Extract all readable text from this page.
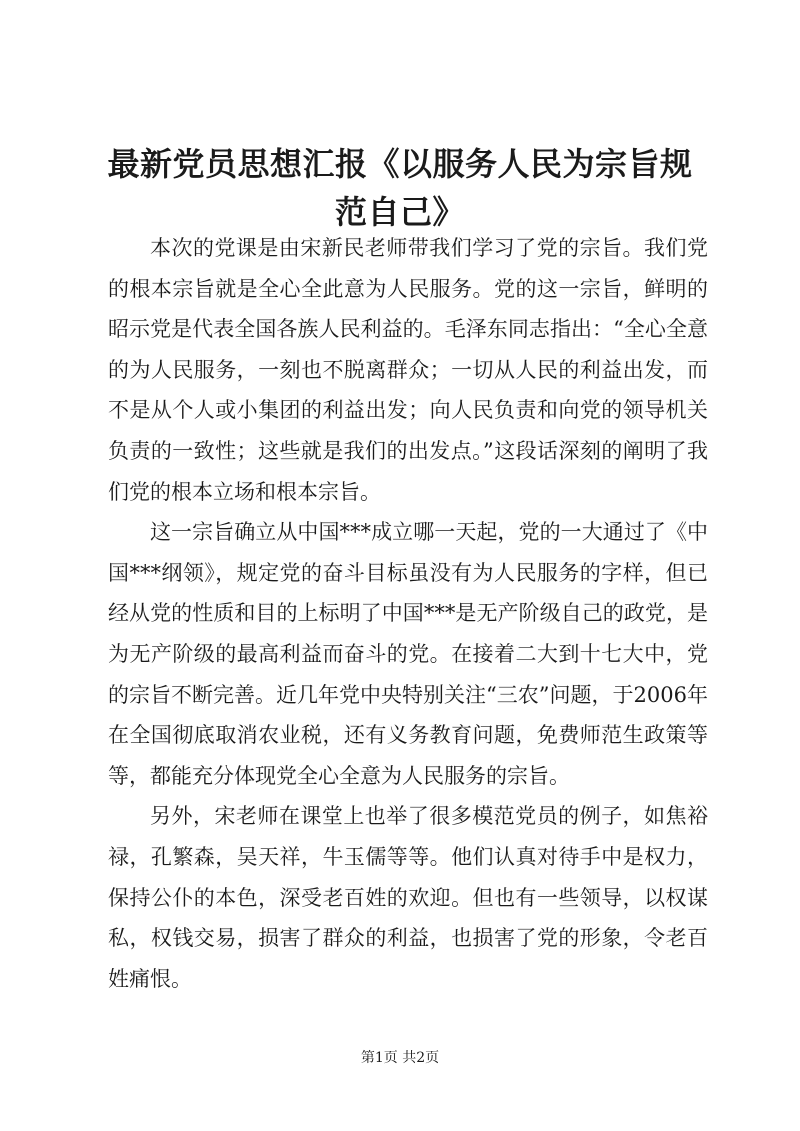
最新党员思想汇报《以服务人民为宗旨规范自己》

本次的党课是由宋新民老师带我们学习了党的宗旨。我们党的根本宗旨就是全心全此意为人民服务。党的这一宗旨，鲜明的昭示党是代表全国各族人民利益的。毛泽东同志指出：“全心全意的为人民服务，一刻也不脱离群众；一切从人民的利益出发，而不是从个人或小集团的利益出发；向人民负责和向党的领导机关负责的一致性；这些就是我们的出发点。”这段话深刻的阐明了我们党的根本立场和根本宗旨。

这一宗旨确立从中国***成立哪一天起，党的一大通过了《中国***纲领》，规定党的奋斗目标虽没有为人民服务的字样，但已经从党的性质和目的上标明了中国***是无产阶级自己的政党，是为无产阶级的最高利益而奋斗的党。在接着二大到十七大中，党的宗旨不断完善。近几年党中央特别关注“三农”问题，于2006年在全国彻底取消农业税，还有义务教育问题，免费师范生政策等等，都能充分体现党全心全意为人民服务的宗旨。

另外，宋老师在课堂上也举了很多模范党员的例子，如焦裕禄，孔繁森，吴天祥，牛玉儒等等。他们认真对待手中是权力，保持公仆的本色，深受老百姓的欢迎。但也有一些领导，以权谋私，权钱交易，损害了群众的利益，也损害了党的形象，令老百姓痛恨。

第1页 共2页
